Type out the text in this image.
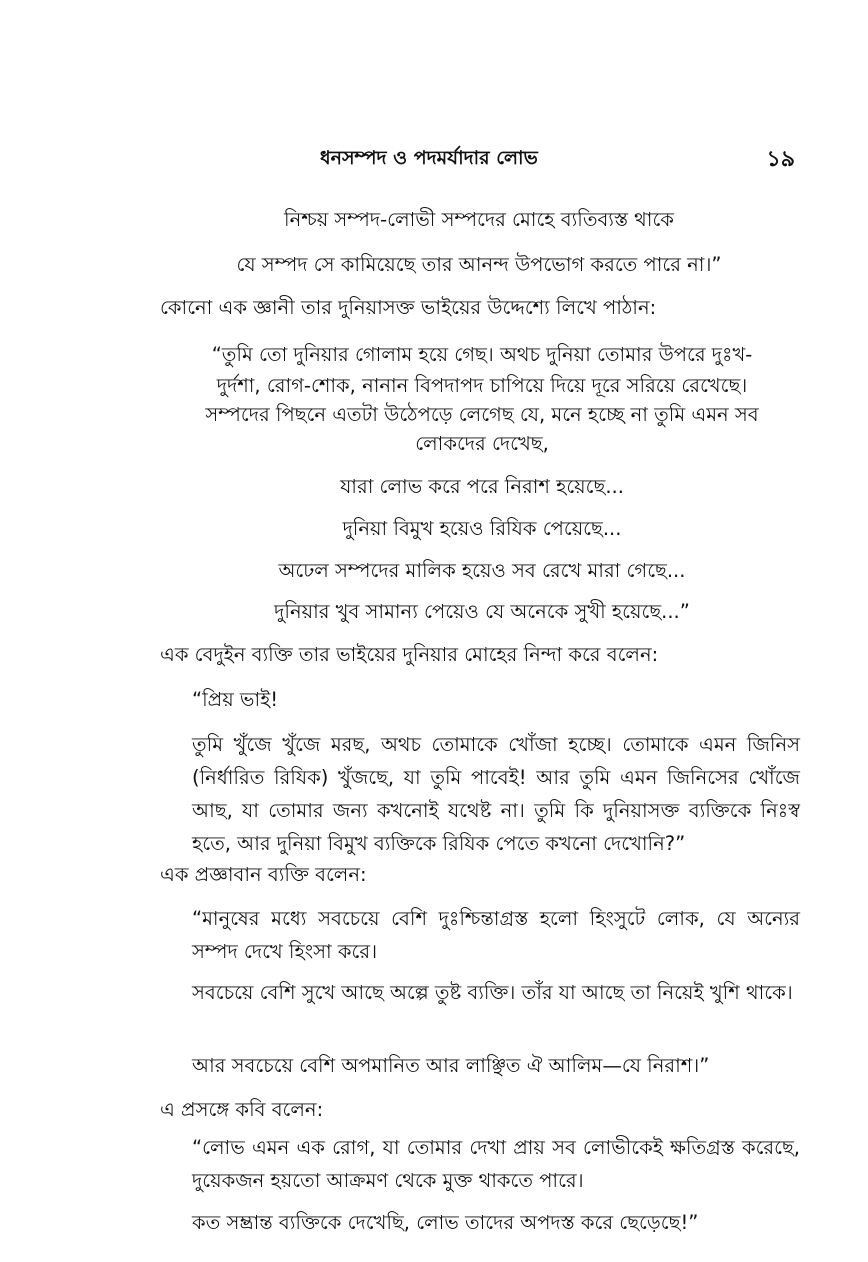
ধনসম্পদ ও পদমর্যাদার লোভ	১৯
নিশ্চয় সম্পদ-লোভী সম্পদের মোহে ব্যতিব্যস্ত থাকে
যে সম্পদ সে কামিয়েছে তার আনন্দ উপভোগ করতে পারে না।”
কোনো এক জ্ঞানী তার দুনিয়াসক্ত ভাইয়ের উদ্দেশ্যে লিখে পাঠান:
“তুমি তো দুনিয়ার গোলাম হয়ে গেছ। অথচ দুনিয়া তোমার উপরে দুঃখ-
দুর্দশা, রোগ-শোক, নানান বিপদাপদ চাপিয়ে দিয়ে দূরে সরিয়ে রেখেছে।
সম্পদের পিছনে এতটা উঠেপড়ে লেগেছ যে, মনে হচ্ছে না তুমি এমন সব
লোকদের দেখেছ,
যারা লোভ করে পরে নিরাশ হয়েছে...
দুনিয়া বিমুখ হয়েও রিযিক পেয়েছে...
অঢেল সম্পদের মালিক হয়েও সব রেখে মারা গেছে...
দুনিয়ার খুব সামান্য পেয়েও যে অনেকে সুখী হয়েছে...”
এক বেদুইন ব্যক্তি তার ভাইয়ের দুনিয়ার মোহের নিন্দা করে বলেন:
“প্রিয় ভাই!
তুমি খুঁজে খুঁজে মরছ, অথচ তোমাকে খোঁজা হচ্ছে। তোমাকে এমন জিনিস (নির্ধারিত রিযিক) খুঁজছে, যা তুমি পাবেই! আর তুমি এমন জিনিসের খোঁজে আছ, যা তোমার জন্য কখনোই যথেষ্ট না। তুমি কি দুনিয়াসক্ত ব্যক্তিকে নিঃস্ব হতে, আর দুনিয়া বিমুখ ব্যক্তিকে রিযিক পেতে কখনো দেখোনি?”
এক প্রজ্ঞাবান ব্যক্তি বলেন:
“মানুষের মধ্যে সবচেয়ে বেশি দুঃশ্চিন্তাগ্রস্ত হলো হিংসুটে লোক, যে অন্যের সম্পদ দেখে হিংসা করে।
সবচেয়ে বেশি সুখে আছে অল্পে তুষ্ট ব্যক্তি। তাঁর যা আছে তা নিয়েই খুশি থাকে।
আর সবচেয়ে বেশি অপমানিত আর লাঞ্ছিত ঐ আলিম—যে নিরাশ।”
এ প্রসঙ্গে কবি বলেন:
“লোভ এমন এক রোগ, যা তোমার দেখা প্রায় সব লোভীকেই ক্ষতিগ্রস্ত করেছে, দুয়েকজন হয়তো আক্রমণ থেকে মুক্ত থাকতে পারে।
কত সম্ভ্রান্ত ব্যক্তিকে দেখেছি, লোভ তাদের অপদস্ত করে ছেড়েছে!”
